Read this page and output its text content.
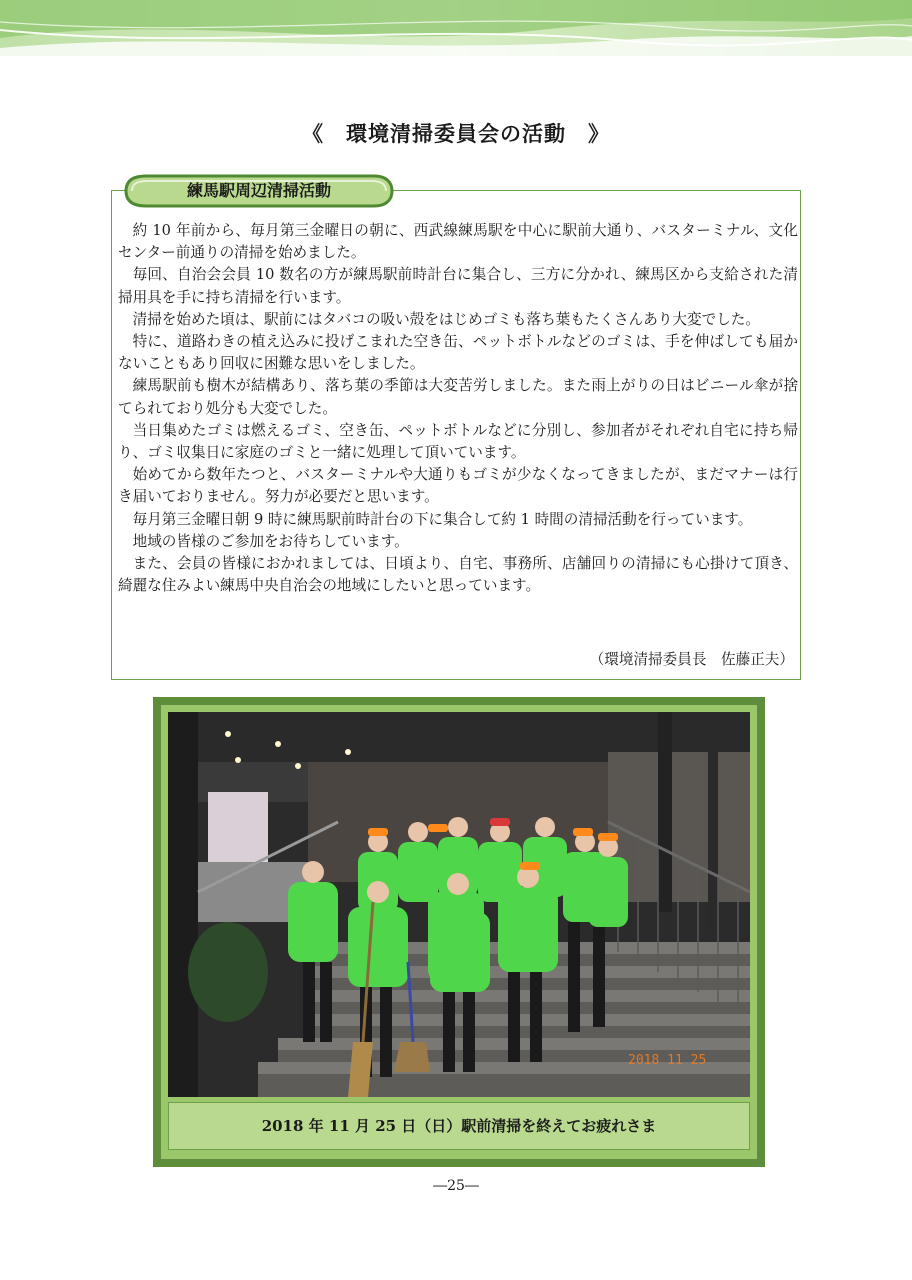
《　環境清掃委員会の活動　》
練馬駅周辺清掃活動

約 10 年前から、毎月第三金曜日の朝に、西武線練馬駅を中心に駅前大通り、バスターミナル、文化センター前通りの清掃を始めました。

毎回、自治会会員 10 数名の方が練馬駅前時計台に集合し、三方に分かれ、練馬区から支給された清掃用具を手に持ち清掃を行います。

清掃を始めた頃は、駅前にはタバコの吸い殻をはじめゴミも落ち葉もたくさんあり大変でした。

特に、道路わきの植え込みに投げこまれた空き缶、ペットボトルなどのゴミは、手を伸ばしても届かないこともあり回収に困難な思いをしました。

練馬駅前も樹木が結構あり、落ち葉の季節は大変苦労しました。また雨上がりの日はビニール傘が捨てられており処分も大変でした。

当日集めたゴミは燃えるゴミ、空き缶、ペットボトルなどに分別し、参加者がそれぞれ自宅に持ち帰り、ゴミ収集日に家庭のゴミと一緒に処理して頂いています。

始めてから数年たつと、バスターミナルや大通りもゴミが少なくなってきましたが、まだマナーは行き届いておりません。努力が必要だと思います。

毎月第三金曜日朝 9 時に練馬駅前時計台の下に集合して約 1 時間の清掃活動を行っています。

地域の皆様のご参加をお待ちしています。

また、会員の皆様におかれましては、日頃より、自宅、事務所、店舗回りの清掃にも心掛けて頂き、綺麗な住みよい練馬中央自治会の地域にしたいと思っています。

（環境清掃委員長　佐藤正夫）
2018 11 25
2018 年 11 月 25 日（日）駅前清掃を終えてお疲れさま
―25―
